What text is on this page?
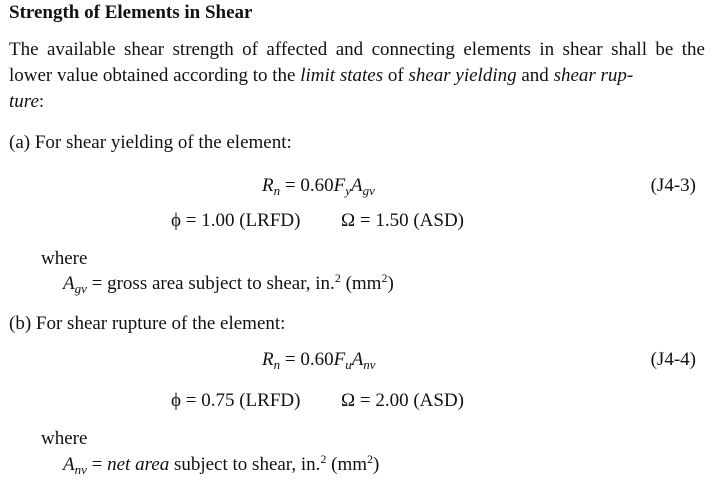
Strength of Elements in Shear
The available shear strength of affected and connecting elements in shear shall be the
lower value obtained according to the limit states of shear yielding and shear rup-
ture:
(a) For shear yielding of the element:
$R_n = 0.60F_yA_{gv}$	(J4-3)
ϕ = 1.00 (LRFD) Ω = 1.50 (ASD)
where
$A_{gv}$ = gross area subject to shear, in.$^2$ $(mm^2)$
(b) For shear rupture of the element:
$R_n = 0.60F_uA_{nv}$	(J4-4)
ϕ = 0.75 (LRFD) Ω = 2.00 (ASD)
where
$A_{nv}$ = net area subject to shear, in.$^2$ $(mm^2)$
